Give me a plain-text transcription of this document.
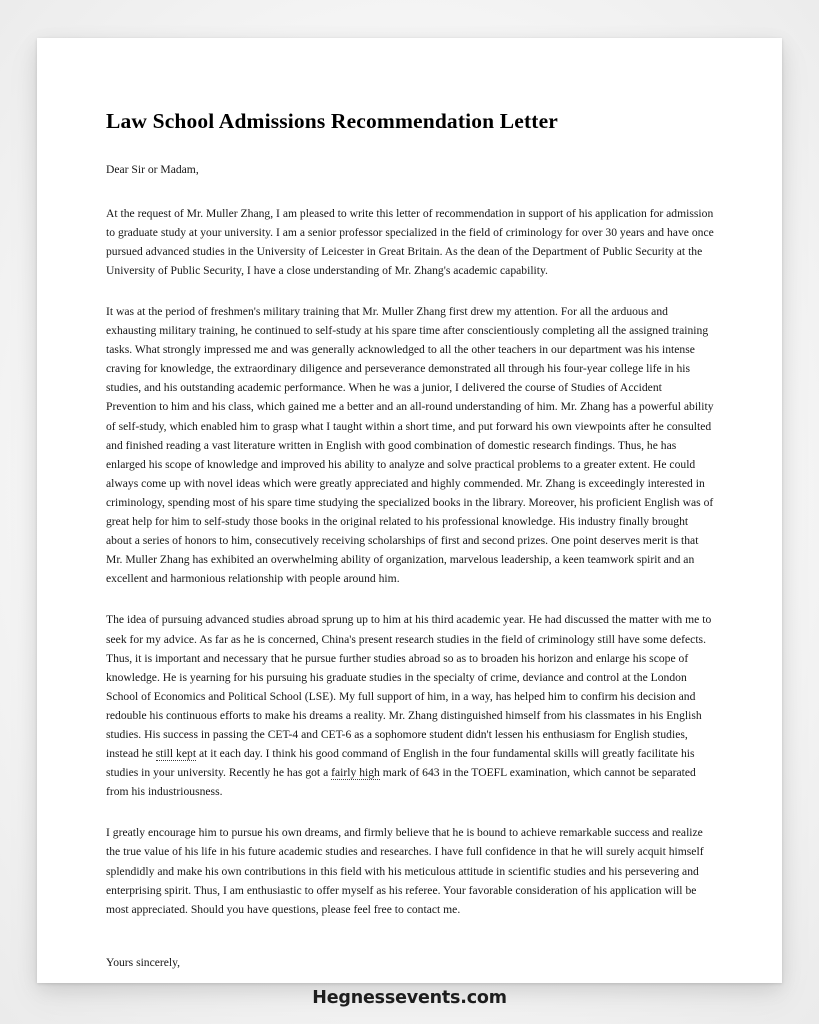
Law School Admissions Recommendation Letter

Dear Sir or Madam,

At the request of Mr. Muller Zhang, I am pleased to write this letter of recommendation in support of his application for admission to graduate study at your university. I am a senior professor specialized in the field of criminology for over 30 years and have once pursued advanced studies in the University of Leicester in Great Britain. As the dean of the Department of Public Security at the University of Public Security, I have a close understanding of Mr. Zhang's academic capability.

It was at the period of freshmen's military training that Mr. Muller Zhang first drew my attention. For all the arduous and exhausting military training, he continued to self-study at his spare time after conscientiously completing all the assigned training tasks. What strongly impressed me and was generally acknowledged to all the other teachers in our department was his intense craving for knowledge, the extraordinary diligence and perseverance demonstrated all through his four-year college life in his studies, and his outstanding academic performance. When he was a junior, I delivered the course of Studies of Accident Prevention to him and his class, which gained me a better and an all-round understanding of him. Mr. Zhang has a powerful ability of self-study, which enabled him to grasp what I taught within a short time, and put forward his own viewpoints after he consulted and finished reading a vast literature written in English with good combination of domestic research findings. Thus, he has enlarged his scope of knowledge and improved his ability to analyze and solve practical problems to a greater extent. He could always come up with novel ideas which were greatly appreciated and highly commended. Mr. Zhang is exceedingly interested in criminology, spending most of his spare time studying the specialized books in the library. Moreover, his proficient English was of great help for him to self-study those books in the original related to his professional knowledge. His industry finally brought about a series of honors to him, consecutively receiving scholarships of first and second prizes. One point deserves merit is that Mr. Muller Zhang has exhibited an overwhelming ability of organization, marvelous leadership, a keen teamwork spirit and an excellent and harmonious relationship with people around him.

The idea of pursuing advanced studies abroad sprung up to him at his third academic year. He had discussed the matter with me to seek for my advice. As far as he is concerned, China's present research studies in the field of criminology still have some defects. Thus, it is important and necessary that he pursue further studies abroad so as to broaden his horizon and enlarge his scope of knowledge. He is yearning for his pursuing his graduate studies in the specialty of crime, deviance and control at the London School of Economics and Political School (LSE). My full support of him, in a way, has helped him to confirm his decision and redouble his continuous efforts to make his dreams a reality. Mr. Zhang distinguished himself from his classmates in his English studies. His success in passing the CET-4 and CET-6 as a sophomore student didn't lessen his enthusiasm for English studies, instead he still kept at it each day. I think his good command of English in the four fundamental skills will greatly facilitate his studies in your university. Recently he has got a fairly high mark of 643 in the TOEFL examination, which cannot be separated from his industriousness.

I greatly encourage him to pursue his own dreams, and firmly believe that he is bound to achieve remarkable success and realize the true value of his life in his future academic studies and researches. I have full confidence in that he will surely acquit himself splendidly and make his own contributions in this field with his meticulous attitude in scientific studies and his persevering and enterprising spirit. Thus, I am enthusiastic to offer myself as his referee. Your favorable consideration of his application will be most appreciated. Should you have questions, please feel free to contact me.

Yours sincerely,

Hegnessevents.com
